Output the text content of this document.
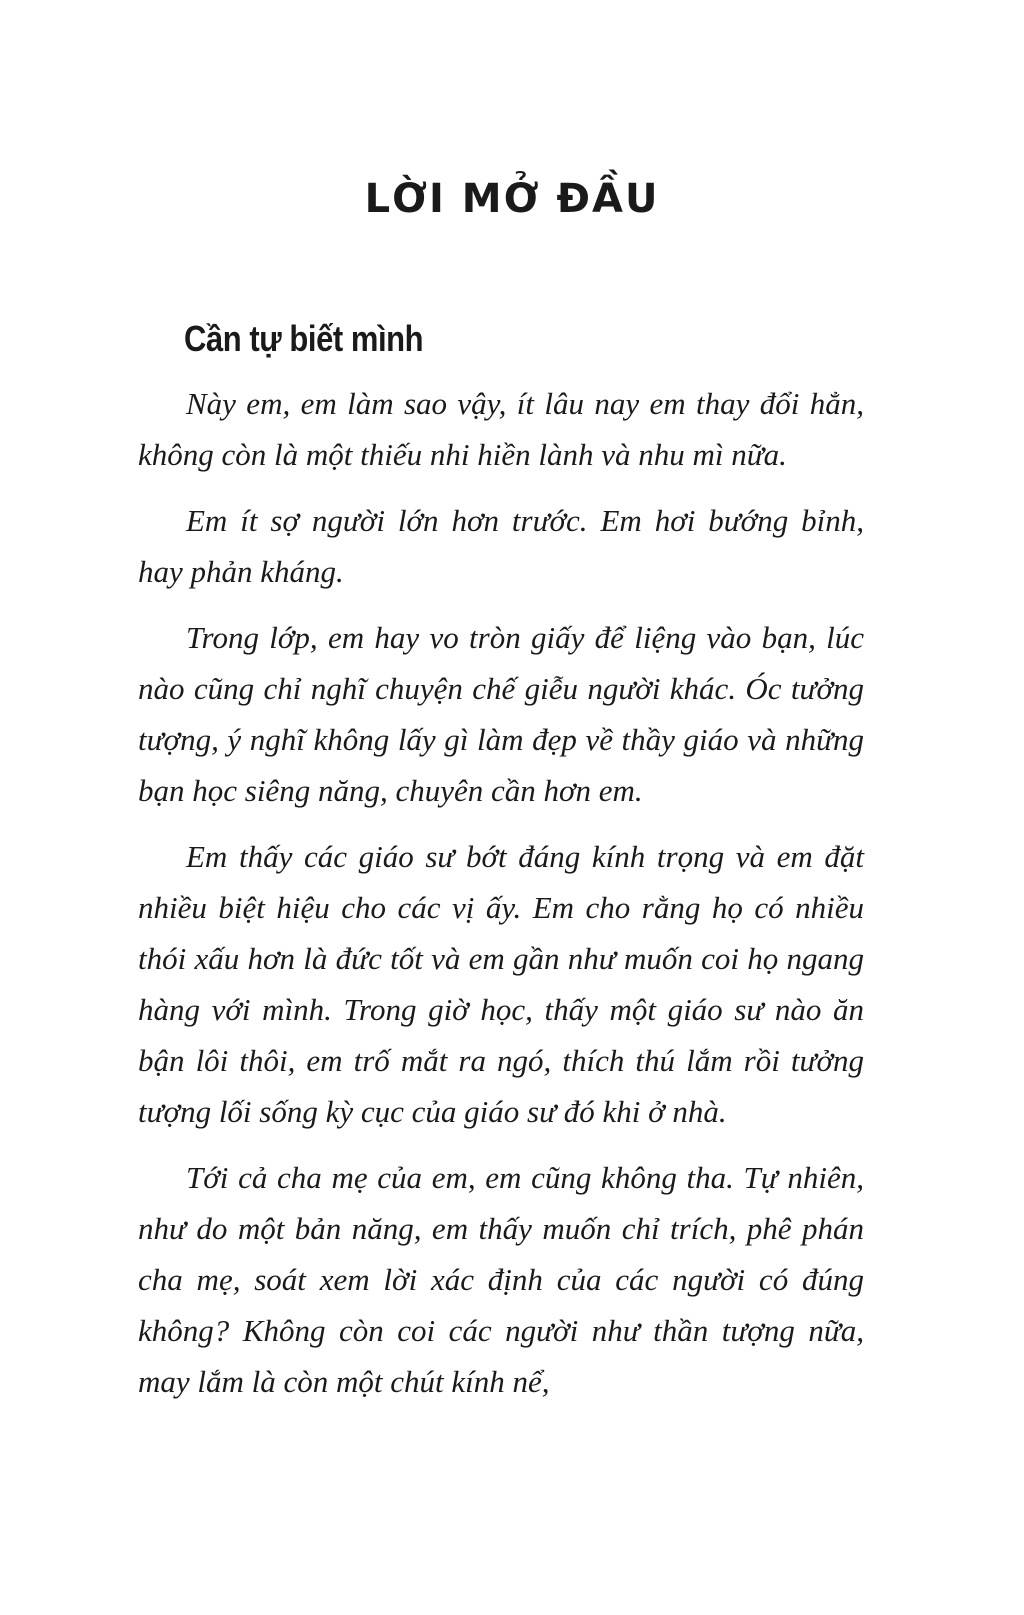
LỜI MỞ ĐẦU
Cần tự biết mình

Này em, em làm sao vậy, ít lâu nay em thay đổi hẳn, không còn là một thiếu nhi hiền lành và nhu mì nữa.

Em ít sợ người lớn hơn trước. Em hơi bướng bỉnh, hay phản kháng.

Trong lớp, em hay vo tròn giấy để liệng vào bạn, lúc nào cũng chỉ nghĩ chuyện chế giễu người khác. Óc tưởng tượng, ý nghĩ không lấy gì làm đẹp về thầy giáo và những bạn học siêng năng, chuyên cần hơn em.

Em thấy các giáo sư bớt đáng kính trọng và em đặt nhiều biệt hiệu cho các vị ấy. Em cho rằng họ có nhiều thói xấu hơn là đức tốt và em gần như muốn coi họ ngang hàng với mình. Trong giờ học, thấy một giáo sư nào ăn bận lôi thôi, em trố mắt ra ngó, thích thú lắm rồi tưởng tượng lối sống kỳ cục của giáo sư đó khi ở nhà.

Tới cả cha mẹ của em, em cũng không tha. Tự nhiên, như do một bản năng, em thấy muốn chỉ trích, phê phán cha mẹ, soát xem lời xác định của các người có đúng không? Không còn coi các người như thần tượng nữa, may lắm là còn một chút kính nể,
